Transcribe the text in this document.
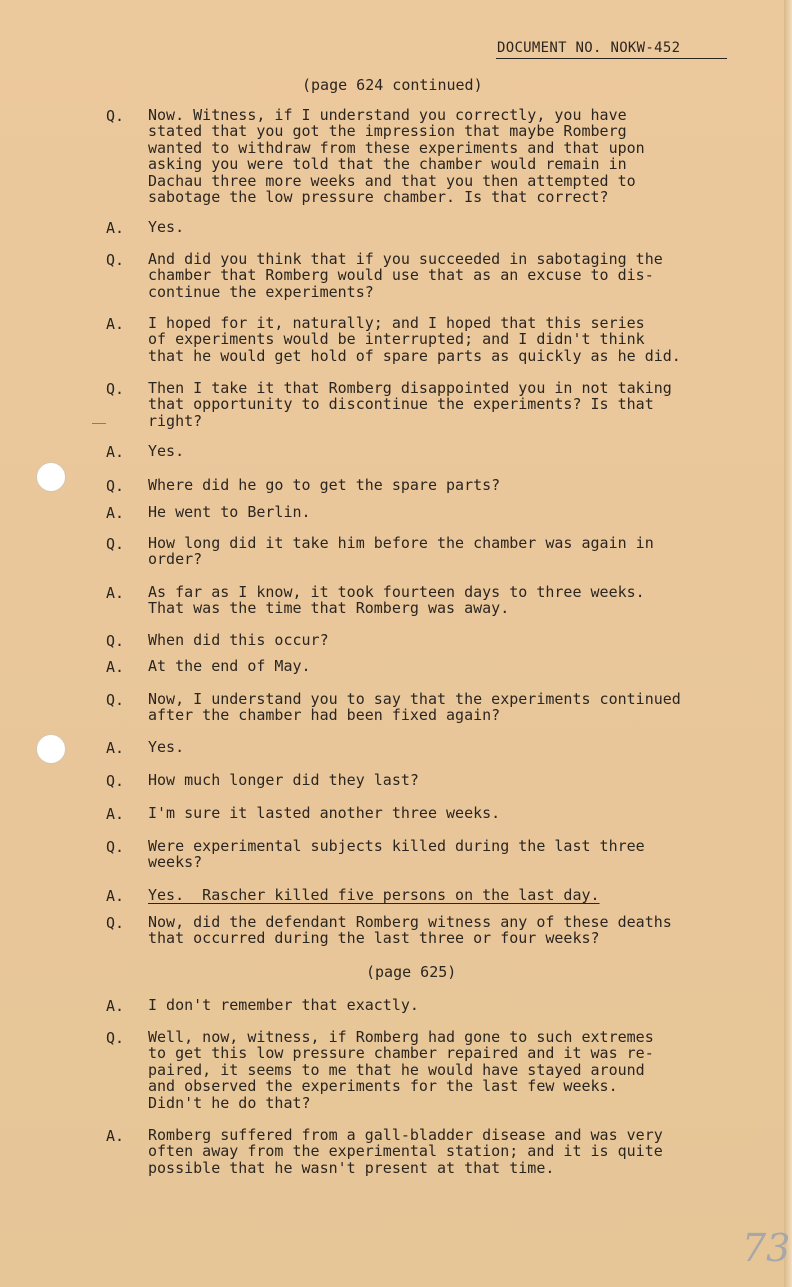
DOCUMENT NO. NOKW-452
(page 624 continued)
Q. Now. Witness, if I understand you correctly, you have
stated that you got the impression that maybe Romberg
wanted to withdraw from these experiments and that upon
asking you were told that the chamber would remain in
Dachau three more weeks and that you then attempted to
sabotage the low pressure chamber. Is that correct?
A. Yes.
Q. And did you think that if you succeeded in sabotaging the
chamber that Romberg would use that as an excuse to dis-
continue the experiments?
A. I hoped for it, naturally; and I hoped that this series
of experiments would be interrupted; and I didn't think
that he would get hold of spare parts as quickly as he did.
Q. Then I take it that Romberg disappointed you in not taking
that opportunity to discontinue the experiments? Is that
right?
A. Yes.
Q. Where did he go to get the spare parts?
A. He went to Berlin.
Q. How long did it take him before the chamber was again in
order?
A. As far as I know, it took fourteen days to three weeks.
That was the time that Romberg was away.
Q. When did this occur?
A. At the end of May.
Q. Now, I understand you to say that the experiments continued
after the chamber had been fixed again?
A. Yes.
Q. How much longer did they last?
A. I'm sure it lasted another three weeks.
Q. Were experimental subjects killed during the last three
weeks?
A. Yes.  Rascher killed five persons on the last day.
Q. Now, did the defendant Romberg witness any of these deaths
that occurred during the last three or four weeks?
(page 625)
A. I don't remember that exactly.
Q. Well, now, witness, if Romberg had gone to such extremes
to get this low pressure chamber repaired and it was re-
paired, it seems to me that he would have stayed around
and observed the experiments for the last few weeks.
Didn't he do that?
A. Romberg suffered from a gall-bladder disease and was very
often away from the experimental station; and it is quite
possible that he wasn't present at that time.
73
